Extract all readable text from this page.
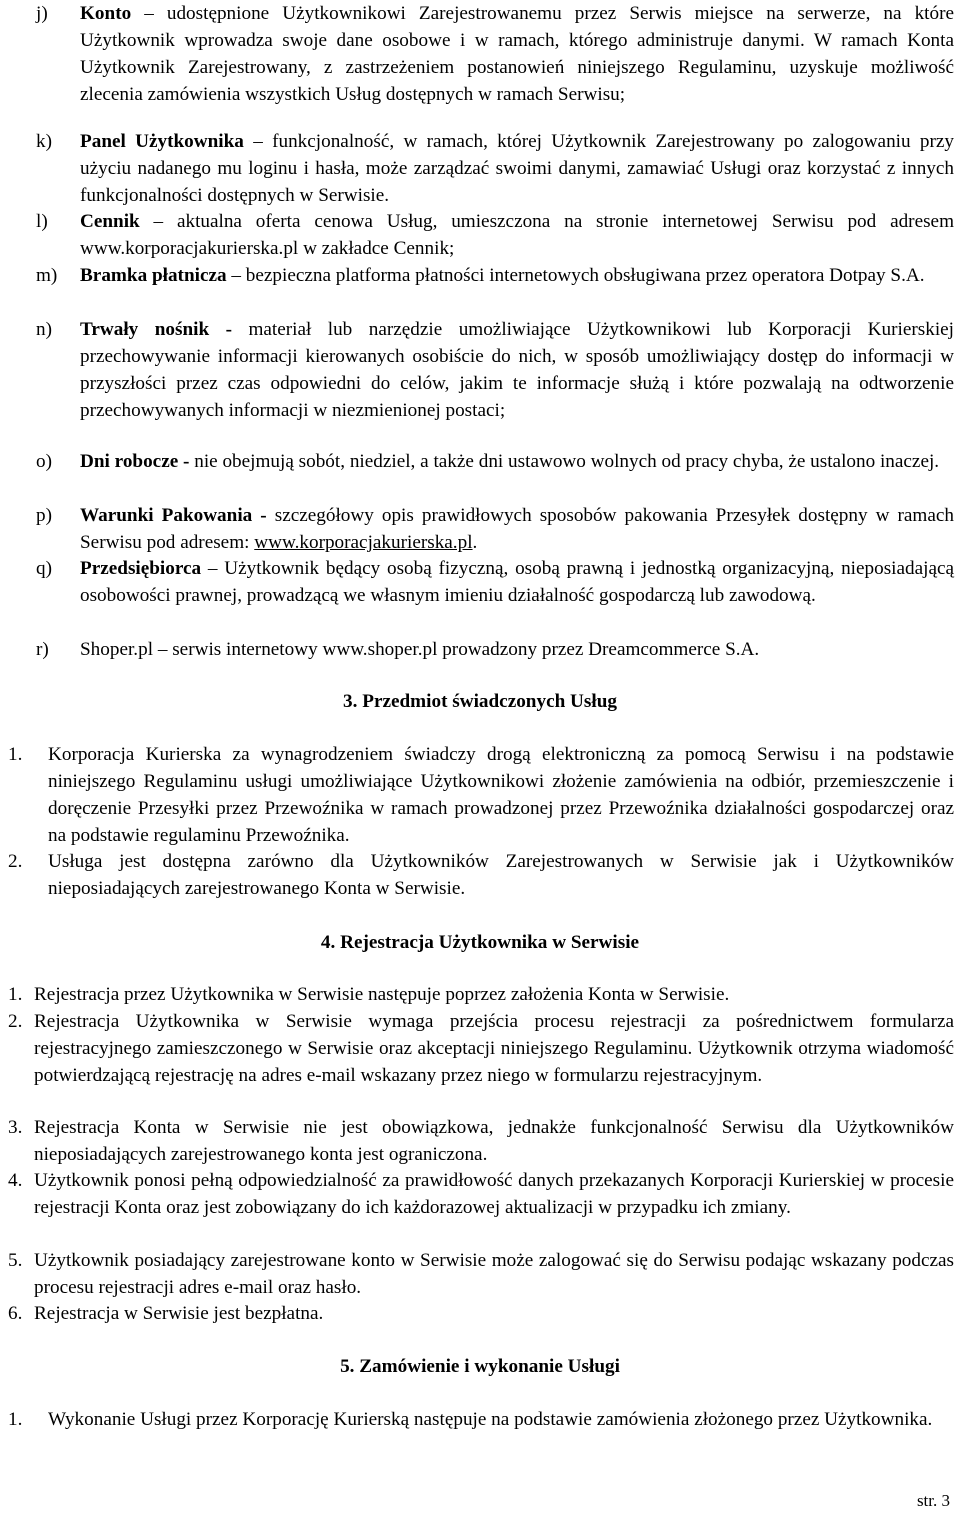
j) Konto – udostępnione Użytkownikowi Zarejestrowanemu przez Serwis miejsce na serwerze, na które Użytkownik wprowadza swoje dane osobowe i w ramach, którego administruje danymi. W ramach Konta Użytkownik Zarejestrowany, z zastrzeżeniem postanowień niniejszego Regulaminu, uzyskuje możliwość zlecenia zamówienia wszystkich Usług dostępnych w ramach Serwisu;
k) Panel Użytkownika – funkcjonalność, w ramach, której Użytkownik Zarejestrowany po zalogowaniu przy użyciu nadanego mu loginu i hasła, może zarządzać swoimi danymi, zamawiać Usługi oraz korzystać z innych funkcjonalności dostępnych w Serwisie.
l) Cennik – aktualna oferta cenowa Usług, umieszczona na stronie internetowej Serwisu pod adresem www.korporacjakurierska.pl w zakładce Cennik;
m) Bramka płatnicza – bezpieczna platforma płatności internetowych obsługiwana przez operatora Dotpay S.A.
n) Trwały nośnik - materiał lub narzędzie umożliwiające Użytkownikowi lub Korporacji Kurierskiej przechowywanie informacji kierowanych osobiście do nich, w sposób umożliwiający dostęp do informacji w przyszłości przez czas odpowiedni do celów, jakim te informacje służą i które pozwalają na odtworzenie przechowywanych informacji w niezmienionej postaci;
o) Dni robocze - nie obejmują sobót, niedziel, a także dni ustawowo wolnych od pracy chyba, że ustalono inaczej.
p) Warunki Pakowania - szczegółowy opis prawidłowych sposobów pakowania Przesyłek dostępny w ramach Serwisu pod adresem: www.korporacjakurierska.pl.
q) Przedsiębiorca – Użytkownik będący osobą fizyczną, osobą prawną i jednostką organizacyjną, nieposiadającą osobowości prawnej, prowadzącą we własnym imieniu działalność gospodarczą lub zawodową.
r) Shoper.pl – serwis internetowy www.shoper.pl prowadzony przez Dreamcommerce S.A.
3. Przedmiot świadczonych Usług
1. Korporacja Kurierska za wynagrodzeniem świadczy drogą elektroniczną za pomocą Serwisu i na podstawie niniejszego Regulaminu usługi umożliwiające Użytkownikowi złożenie zamówienia na odbiór, przemieszczenie i doręczenie Przesyłki przez Przewoźnika w ramach prowadzonej przez Przewoźnika działalności gospodarczej oraz na podstawie regulaminu Przewoźnika.
2. Usługa jest dostępna zarówno dla Użytkowników Zarejestrowanych w Serwisie jak i Użytkowników nieposiadających zarejestrowanego Konta w Serwisie.
4. Rejestracja Użytkownika w Serwisie
1. Rejestracja przez Użytkownika w Serwisie następuje poprzez założenia Konta w Serwisie.
2. Rejestracja Użytkownika w Serwisie wymaga przejścia procesu rejestracji za pośrednictwem formularza rejestracyjnego zamieszczonego w Serwisie oraz akceptacji niniejszego Regulaminu. Użytkownik otrzyma wiadomość potwierdzającą rejestrację na adres e-mail wskazany przez niego w formularzu rejestracyjnym.
3. Rejestracja Konta w Serwisie nie jest obowiązkowa, jednakże funkcjonalność Serwisu dla Użytkowników nieposiadających zarejestrowanego konta jest ograniczona.
4. Użytkownik ponosi pełną odpowiedzialność za prawidłowość danych przekazanych Korporacji Kurierskiej w procesie rejestracji Konta oraz jest zobowiązany do ich każdorazowej aktualizacji w przypadku ich zmiany.
5. Użytkownik posiadający zarejestrowane konto w Serwisie może zalogować się do Serwisu podając wskazany podczas procesu rejestracji adres e-mail oraz hasło.
6. Rejestracja w Serwisie jest bezpłatna.
5. Zamówienie i wykonanie Usługi
1. Wykonanie Usługi przez Korporację Kurierską następuje na podstawie zamówienia złożonego przez Użytkownika.
str. 3
